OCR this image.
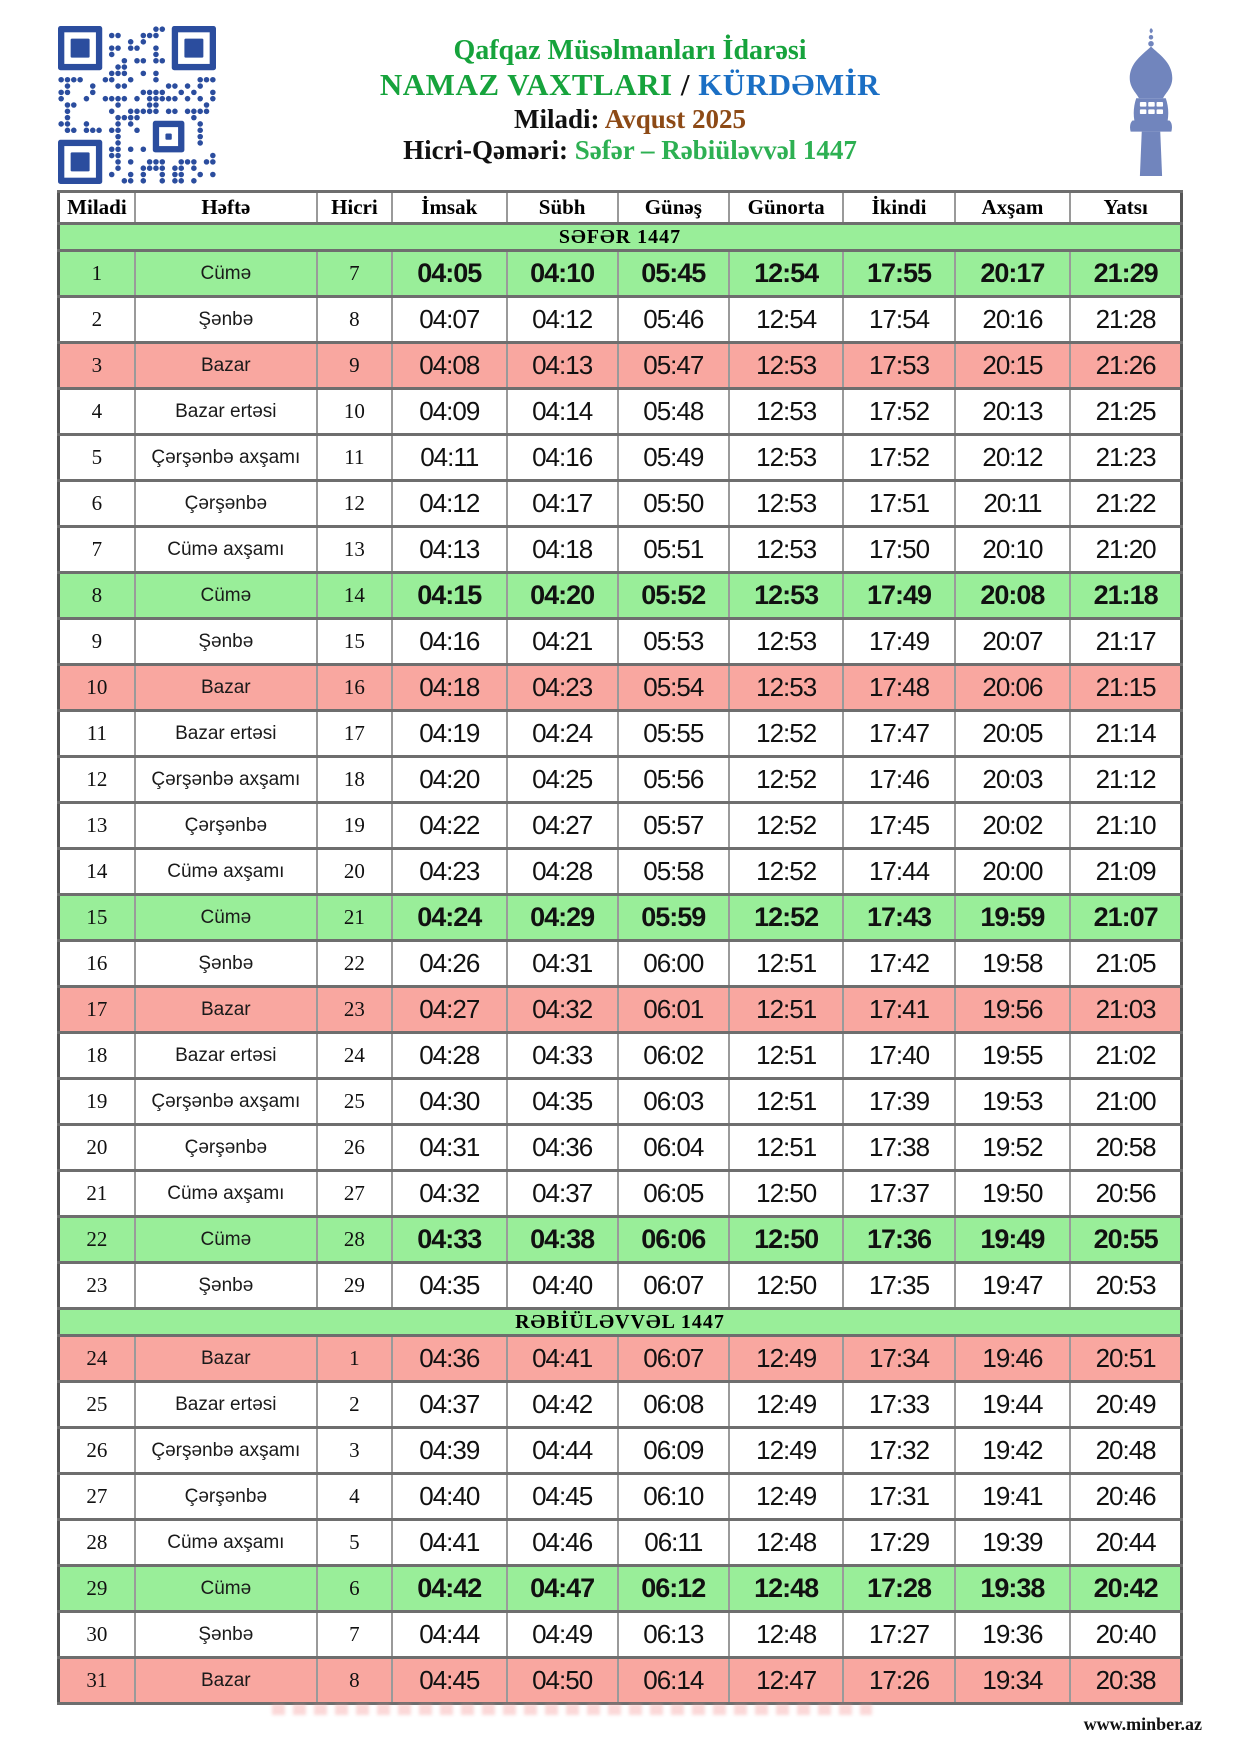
Qafqaz Müsəlmanları İdarəsi
NAMAZ VAXTLARI / KÜRDƏMİR
Miladi: Avqust 2025
Hicri-Qəməri: Səfər – Rəbiüləvvəl 1447
Miladi	Həftə	Hicri	İmsak	Sübh	Günəş	Günorta	İkindi	Axşam	Yatsı
SƏFƏR 1447									
1	Cümə	7	04:05	04:10	05:45	12:54	17:55	20:17	21:29
2	Şənbə	8	04:07	04:12	05:46	12:54	17:54	20:16	21:28
3	Bazar	9	04:08	04:13	05:47	12:53	17:53	20:15	21:26
4	Bazar ertəsi	10	04:09	04:14	05:48	12:53	17:52	20:13	21:25
5	Çərşənbə axşamı	11	04:11	04:16	05:49	12:53	17:52	20:12	21:23
6	Çərşənbə	12	04:12	04:17	05:50	12:53	17:51	20:11	21:22
7	Cümə axşamı	13	04:13	04:18	05:51	12:53	17:50	20:10	21:20
8	Cümə	14	04:15	04:20	05:52	12:53	17:49	20:08	21:18
9	Şənbə	15	04:16	04:21	05:53	12:53	17:49	20:07	21:17
10	Bazar	16	04:18	04:23	05:54	12:53	17:48	20:06	21:15
11	Bazar ertəsi	17	04:19	04:24	05:55	12:52	17:47	20:05	21:14
12	Çərşənbə axşamı	18	04:20	04:25	05:56	12:52	17:46	20:03	21:12
13	Çərşənbə	19	04:22	04:27	05:57	12:52	17:45	20:02	21:10
14	Cümə axşamı	20	04:23	04:28	05:58	12:52	17:44	20:00	21:09
15	Cümə	21	04:24	04:29	05:59	12:52	17:43	19:59	21:07
16	Şənbə	22	04:26	04:31	06:00	12:51	17:42	19:58	21:05
17	Bazar	23	04:27	04:32	06:01	12:51	17:41	19:56	21:03
18	Bazar ertəsi	24	04:28	04:33	06:02	12:51	17:40	19:55	21:02
19	Çərşənbə axşamı	25	04:30	04:35	06:03	12:51	17:39	19:53	21:00
20	Çərşənbə	26	04:31	04:36	06:04	12:51	17:38	19:52	20:58
21	Cümə axşamı	27	04:32	04:37	06:05	12:50	17:37	19:50	20:56
22	Cümə	28	04:33	04:38	06:06	12:50	17:36	19:49	20:55
23	Şənbə	29	04:35	04:40	06:07	12:50	17:35	19:47	20:53
RƏBİÜLƏVVƏL 1447									
24	Bazar	1	04:36	04:41	06:07	12:49	17:34	19:46	20:51
25	Bazar ertəsi	2	04:37	04:42	06:08	12:49	17:33	19:44	20:49
26	Çərşənbə axşamı	3	04:39	04:44	06:09	12:49	17:32	19:42	20:48
27	Çərşənbə	4	04:40	04:45	06:10	12:49	17:31	19:41	20:46
28	Cümə axşamı	5	04:41	04:46	06:11	12:48	17:29	19:39	20:44
29	Cümə	6	04:42	04:47	06:12	12:48	17:28	19:38	20:42
30	Şənbə	7	04:44	04:49	06:13	12:48	17:27	19:36	20:40
31	Bazar	8	04:45	04:50	06:14	12:47	17:26	19:34	20:38
www.minber.az
